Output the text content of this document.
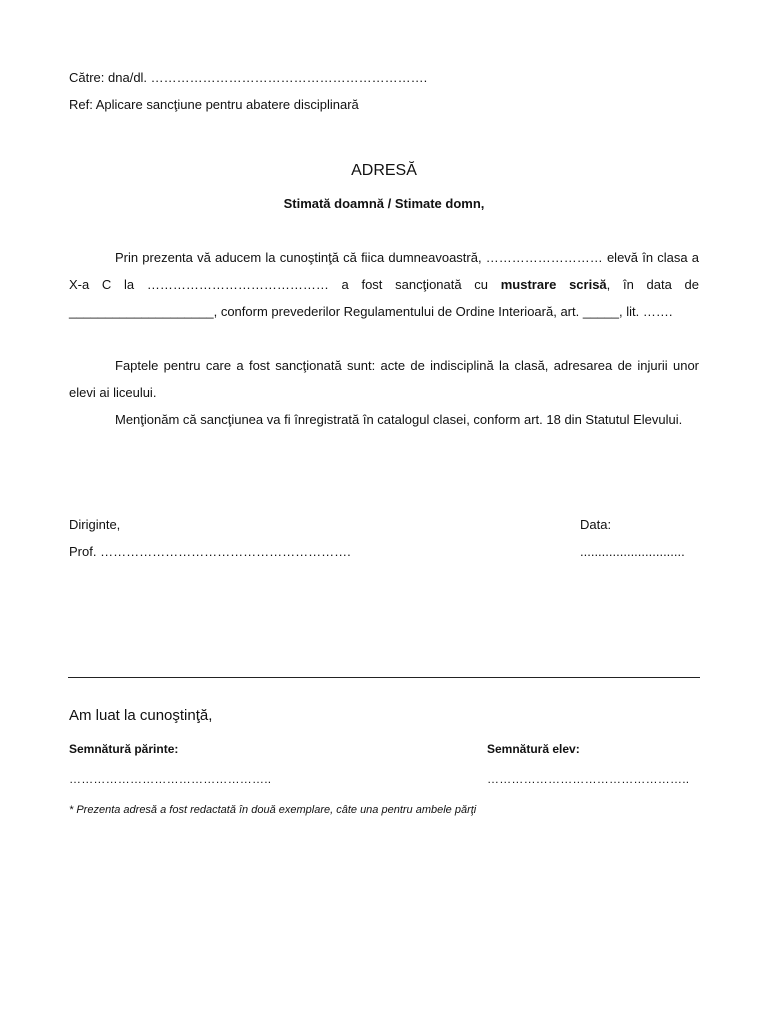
Către: dna/dl. ……………………………………………………….
Ref: Aplicare sancţiune pentru abatere disciplinară
ADRESĂ
Stimată doamnă / Stimate domn,
Prin prezenta vă aducem la cunoştinţă că fiica dumneavoastră, ……………………… elevă în clasa a X-a C la …………………………………… a fost sancţionată cu mustrare scrisă, în data de ____________________, conform prevederilor Regulamentului de Ordine Interioară, art. _____, lit. …….
Faptele pentru care a fost sancţionată sunt: acte de indisciplină la clasă, adresarea de injurii unor elevi ai liceului.
Menţionăm că sancţiunea va fi înregistrată în catalogul clasei, conform art. 18 din Statutul Elevului.
Diriginte,
Prof. ………………………………………………….
Data:
.............................
Am luat la cunoştinţă,
Semnătură părinte:
…………………………………………..
Semnătură elev:
…………………………………………..
* Prezenta adresă a fost redactată în două exemplare, câte una pentru ambele părţi
